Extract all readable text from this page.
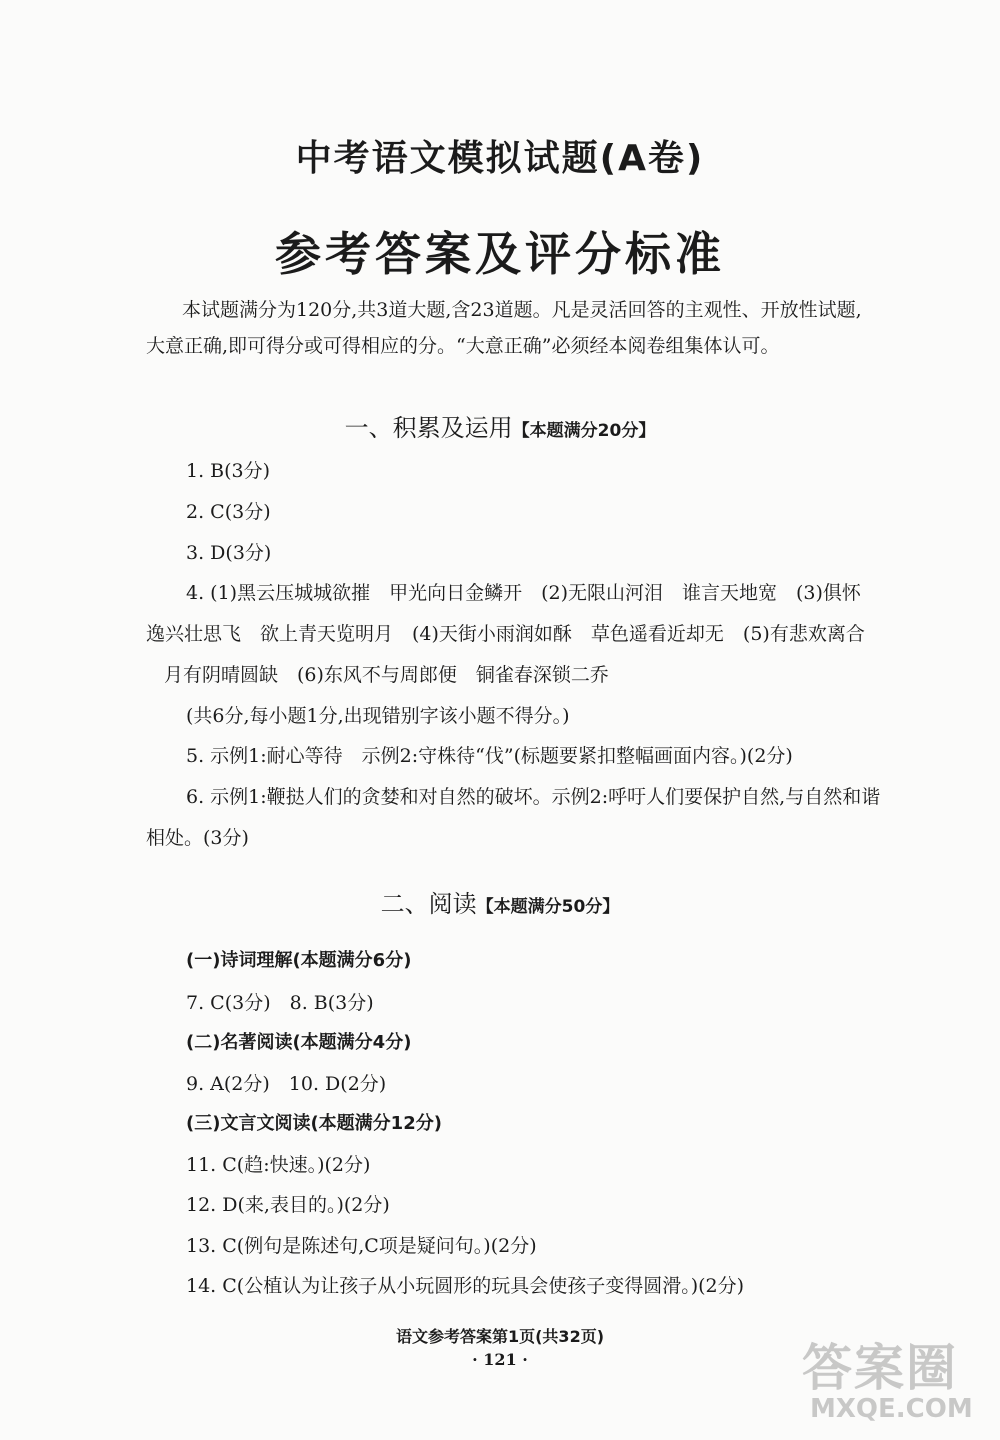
中考语文模拟试题(A卷)
参考答案及评分标准

本试题满分为120分,共3道大题,含23道题。凡是灵活回答的主观性、开放性试题,

大意正确,即可得分或可得相应的分。“大意正确”必须经本阅卷组集体认可。

一、积累及运用【本题满分20分】
1. B(3分)
2. C(3分)
3. D(3分)
4. (1)黑云压城城欲摧　甲光向日金鳞开　(2)无限山河泪　谁言天地宽　(3)俱怀
逸兴壮思飞　欲上青天览明月　(4)天街小雨润如酥　草色遥看近却无　(5)有悲欢离合
月有阴晴圆缺　(6)东风不与周郎便　铜雀春深锁二乔
(共6分,每小题1分,出现错别字该小题不得分。)
5. 示例1:耐心等待　示例2:守株待“伐”(标题要紧扣整幅画面内容。)(2分)
6. 示例1:鞭挞人们的贪婪和对自然的破坏。示例2:呼吁人们要保护自然,与自然和谐
相处。(3分)
二、阅读【本题满分50分】
(一)诗词理解(本题满分6分)
7. C(3分)　8. B(3分)
(二)名著阅读(本题满分4分)
9. A(2分)　10. D(2分)
(三)文言文阅读(本题满分12分)
11. C(趋:快速。)(2分)
12. D(来,表目的。)(2分)
13. C(例句是陈述句,C项是疑问句。)(2分)
14. C(公植认为让孩子从小玩圆形的玩具会使孩子变得圆滑。)(2分)
语文参考答案第1页(共32页)
· 121 ·	答案圈
MXQE.COM
